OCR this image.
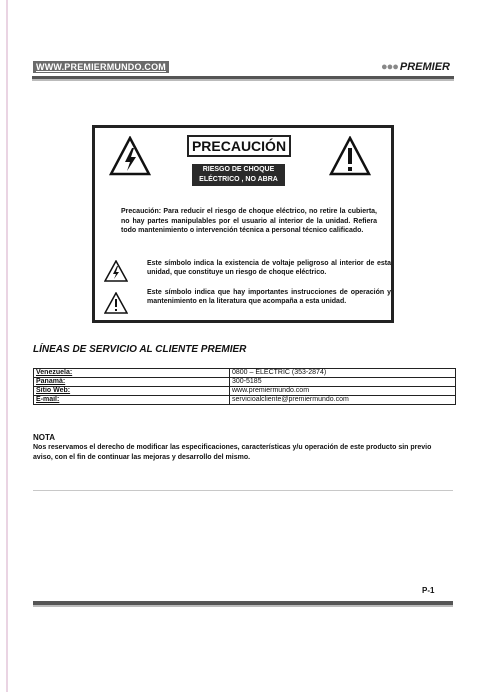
WWW.PREMIERMUNDO.COM	●●● PREMIER
PRECAUCIÓN
RIESGO DE CHOQUE
ELÉCTRICO , NO ABRA
Precaución: Para reducir el riesgo de choque eléctrico, no retire la cubierta, no hay partes manipulables por el usuario al interior de la unidad. Refiera todo mantenimiento o intervención técnica a personal técnico calificado.
Este símbolo indica la existencia de voltaje peligroso al interior de esta unidad, que constituye un riesgo de choque eléctrico.
Este símbolo indica que hay importantes instrucciones de operación y mantenimiento en la literatura que acompaña a esta unidad.
LÍNEAS DE SERVICIO AL CLIENTE PREMIER
Venezuela:	0800 – ELECTRIC (353-2874)
Panamá:	300-5185
Sitio Web:	www.premiermundo.com
E-mail:	servicioalcliente@premiermundo.com
NOTA
Nos reservamos el derecho de modificar las especificaciones, características y/u operación de este producto sin previo aviso, con el fin de continuar las mejoras y desarrollo del mismo.
P-1
